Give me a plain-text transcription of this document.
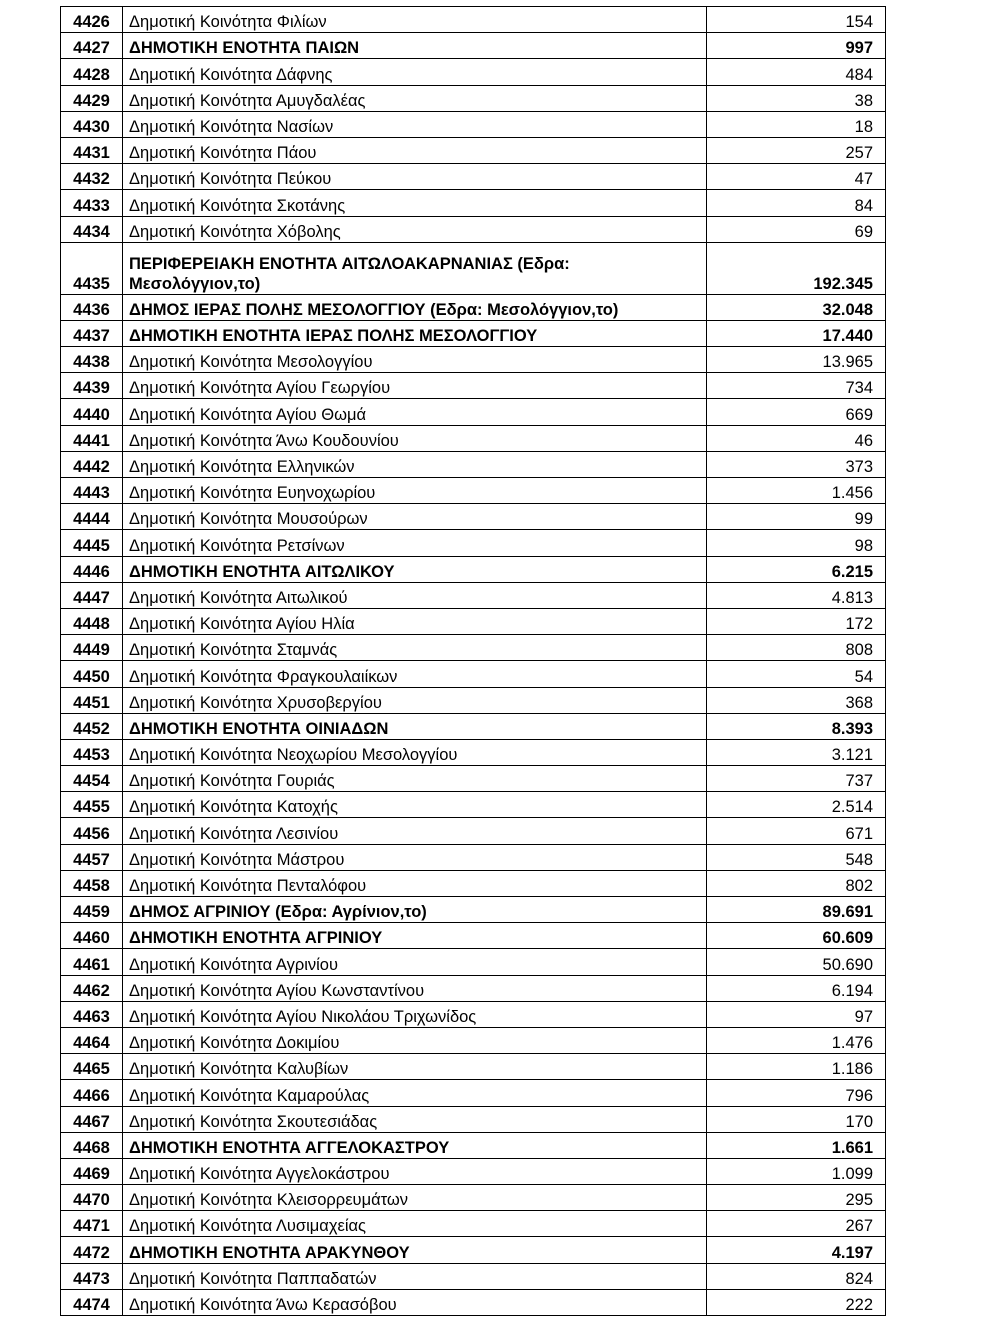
4426	Δημοτική Κοινότητα Φιλίων	154
4427	ΔΗΜΟΤΙΚΗ ΕΝΟΤΗΤΑ ΠΑΙΩΝ	997
4428	Δημοτική Κοινότητα Δάφνης	484
4429	Δημοτική Κοινότητα Αμυγδαλέας	38
4430	Δημοτική Κοινότητα Νασίων	18
4431	Δημοτική Κοινότητα Πάου	257
4432	Δημοτική Κοινότητα Πεύκου	47
4433	Δημοτική Κοινότητα Σκοτάνης	84
4434	Δημοτική Κοινότητα Χόβολης	69
4435	ΠΕΡΙΦΕΡΕΙΑΚΗ ΕΝΟΤΗΤΑ ΑΙΤΩΛΟΑΚΑΡΝΑΝΙΑΣ (Εδρα: Μεσολόγγιον,το)	192.345
4436	ΔΗΜΟΣ ΙΕΡΑΣ ΠΟΛΗΣ ΜΕΣΟΛΟΓΓΙΟΥ (Εδρα: Μεσολόγγιον,το)	32.048
4437	ΔΗΜΟΤΙΚΗ ΕΝΟΤΗΤΑ ΙΕΡΑΣ ΠΟΛΗΣ ΜΕΣΟΛΟΓΓΙΟΥ	17.440
4438	Δημοτική Κοινότητα Μεσολογγίου	13.965
4439	Δημοτική Κοινότητα Αγίου Γεωργίου	734
4440	Δημοτική Κοινότητα Αγίου Θωμά	669
4441	Δημοτική Κοινότητα Άνω Κουδουνίου	46
4442	Δημοτική Κοινότητα Ελληνικών	373
4443	Δημοτική Κοινότητα Ευηνοχωρίου	1.456
4444	Δημοτική Κοινότητα Μουσούρων	99
4445	Δημοτική Κοινότητα Ρετσίνων	98
4446	ΔΗΜΟΤΙΚΗ ΕΝΟΤΗΤΑ ΑΙΤΩΛΙΚΟΥ	6.215
4447	Δημοτική Κοινότητα Αιτωλικού	4.813
4448	Δημοτική Κοινότητα Αγίου Ηλία	172
4449	Δημοτική Κοινότητα Σταμνάς	808
4450	Δημοτική Κοινότητα Φραγκουλαιίκων	54
4451	Δημοτική Κοινότητα Χρυσοβεργίου	368
4452	ΔΗΜΟΤΙΚΗ ΕΝΟΤΗΤΑ ΟΙΝΙΑΔΩΝ	8.393
4453	Δημοτική Κοινότητα Νεοχωρίου Μεσολογγίου	3.121
4454	Δημοτική Κοινότητα Γουριάς	737
4455	Δημοτική Κοινότητα Κατοχής	2.514
4456	Δημοτική Κοινότητα Λεσινίου	671
4457	Δημοτική Κοινότητα Μάστρου	548
4458	Δημοτική Κοινότητα Πενταλόφου	802
4459	ΔΗΜΟΣ ΑΓΡΙΝΙΟΥ (Εδρα: Αγρίνιον,το)	89.691
4460	ΔΗΜΟΤΙΚΗ ΕΝΟΤΗΤΑ ΑΓΡΙΝΙΟΥ	60.609
4461	Δημοτική Κοινότητα Αγρινίου	50.690
4462	Δημοτική Κοινότητα Αγίου Κωνσταντίνου	6.194
4463	Δημοτική Κοινότητα Αγίου Νικολάου Τριχωνίδος	97
4464	Δημοτική Κοινότητα Δοκιμίου	1.476
4465	Δημοτική Κοινότητα Καλυβίων	1.186
4466	Δημοτική Κοινότητα Καμαρούλας	796
4467	Δημοτική Κοινότητα Σκουτεσιάδας	170
4468	ΔΗΜΟΤΙΚΗ ΕΝΟΤΗΤΑ ΑΓΓΕΛΟΚΑΣΤΡΟΥ	1.661
4469	Δημοτική Κοινότητα Αγγελοκάστρου	1.099
4470	Δημοτική Κοινότητα Κλεισορρευμάτων	295
4471	Δημοτική Κοινότητα Λυσιμαχείας	267
4472	ΔΗΜΟΤΙΚΗ ΕΝΟΤΗΤΑ ΑΡΑΚΥΝΘΟΥ	4.197
4473	Δημοτική Κοινότητα Παππαδατών	824
4474	Δημοτική Κοινότητα Άνω Κερασόβου	222
